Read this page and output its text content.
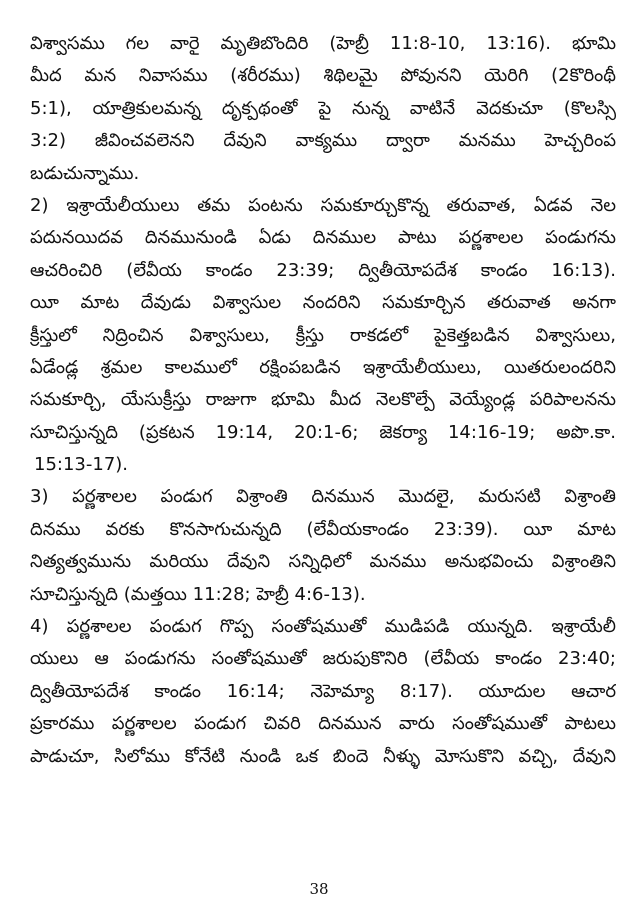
విశ్వాసము గల వారై మృతిబొందిరి (హెబ్రీ 11:8-10, 13:16). భూమి
మీద మన నివాసము (శరీరము) శిథిలమై పోవునని యెరిగి (2కొరింథీ
5:1), యాత్రికులమన్న దృక్పథంతో పై నున్న వాటినే వెదకుచూ (కొలస్సి
3:2) జీవించవలెనని దేవుని వాక్యము ద్వారా మనము హెచ్చరింప
బడుచున్నాము.
2) ఇశ్రాయేలీయులు తమ పంటను సమకూర్చుకొన్న తరువాత, ఏడవ నెల
పదునయిదవ దినమునుండి ఏడు దినముల పాటు పర్ణశాలల పండుగను
ఆచరించిరి (లేవీయ కాండం 23:39; ద్వితీయోపదేశ కాండం 16:13).
యీ మాట దేవుడు విశ్వాసుల నందరిని సమకూర్చిన తరువాత అనగా
క్రీస్తులో నిద్రించిన విశ్వాసులు, క్రీస్తు రాకడలో పైకెత్తబడిన విశ్వాసులు,
ఏడేండ్ల శ్రమల కాలములో రక్షింపబడిన ఇశ్రాయేలీయులు, యితరులందరిని
సమకూర్చి, యేసుక్రీస్తు రాజుగా భూమి మీద నెలకొల్పే వెయ్యేండ్ల పరిపాలనను
సూచిస్తున్నది (ప్రకటన 19:14, 20:1-6; జెకర్యా 14:16-19; అపొ.కా.
15:13-17).
3) పర్ణశాలల పండుగ విశ్రాంతి దినమున మొదలై, మరుసటి విశ్రాంతి
దినము వరకు కొనసాగుచున్నది (లేవీయకాండం 23:39). యీ మాట
నిత్యత్వమును మరియు దేవుని సన్నిధిలో మనము అనుభవించు విశ్రాంతిని
సూచిస్తున్నది (మత్తయి 11:28; హెబ్రీ 4:6-13).
4) పర్ణశాలల పండుగ గొప్ప సంతోషముతో ముడిపడి యున్నది. ఇశ్రాయేలీ
యులు ఆ పండుగను సంతోషముతో జరుపుకొనిరి (లేవీయ కాండం 23:40;
ద్వితీయోపదేశ కాండం 16:14; నెహెమ్యా 8:17). యూదుల ఆచార
ప్రకారము పర్ణశాలల పండుగ చివరి దినమున వారు సంతోషముతో పాటలు
పాడుచూ, సిలోము కోనేటి నుండి ఒక బిందె నీళ్ళు మోసుకొని వచ్చి, దేవుని
38
